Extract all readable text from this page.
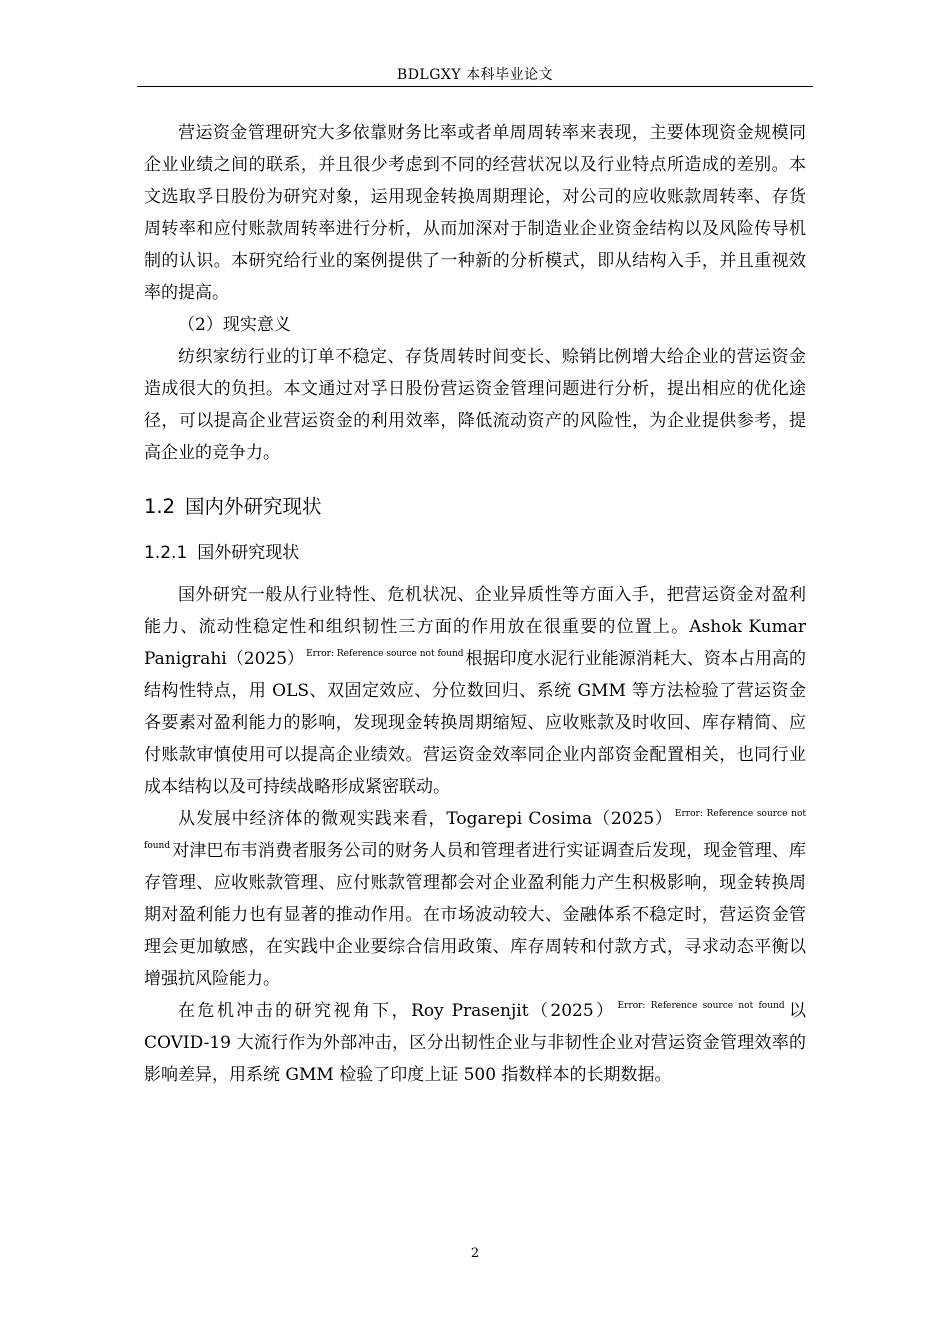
BDLGXY 本科毕业论文

营运资金管理研究大多依靠财务比率或者单周周转率来表现，主要体现资金规模同企业业绩之间的联系，并且很少考虑到不同的经营状况以及行业特点所造成的差别。本文选取孚日股份为研究对象，运用现金转换周期理论，对公司的应收账款周转率、存货周转率和应付账款周转率进行分析，从而加深对于制造业企业资金结构以及风险传导机制的认识。本研究给行业的案例提供了一种新的分析模式，即从结构入手，并且重视效率的提高。

（2）现实意义

纺织家纺行业的订单不稳定、存货周转时间变长、赊销比例增大给企业的营运资金造成很大的负担。本文通过对孚日股份营运资金管理问题进行分析，提出相应的优化途径，可以提高企业营运资金的利用效率，降低流动资产的风险性，为企业提供参考，提高企业的竞争力。

1.2 国内外研究现状
1.2.1 国外研究现状

国外研究一般从行业特性、危机状况、企业异质性等方面入手，把营运资金对盈利能力、流动性稳定性和组织韧性三方面的作用放在很重要的位置上。Ashok Kumar Panigrahi（2025） $^{Error: Reference source not found}$ 根据印度水泥行业能源消耗大、资本占用高的结构性特点，用 OLS、双固定效应、分位数回归、系统 GMM 等方法检验了营运资金各要素对盈利能力的影响，发现现金转换周期缩短、应收账款及时收回、库存精简、应付账款审慎使用可以提高企业绩效。营运资金效率同企业内部资金配置相关，也同行业成本结构以及可持续战略形成紧密联动。

从发展中经济体的微观实践来看，Togarepi Cosima（2025） $^{Error: Reference source not found}$ 对津巴布韦消费者服务公司的财务人员和管理者进行实证调查后发现，现金管理、库存管理、应收账款管理、应付账款管理都会对企业盈利能力产生积极影响，现金转换周期对盈利能力也有显著的推动作用。在市场波动较大、金融体系不稳定时，营运资金管理会更加敏感，在实践中企业要综合信用政策、库存周转和付款方式，寻求动态平衡以增强抗风险能力。

在危机冲击的研究视角下，Roy Prasenjit（2025） $^{Error: Reference source not found}$ 以 COVID-19 大流行作为外部冲击，区分出韧性企业与非韧性企业对营运资金管理效率的影响差异，用系统 GMM 检验了印度上证 500 指数样本的长期数据。

2
